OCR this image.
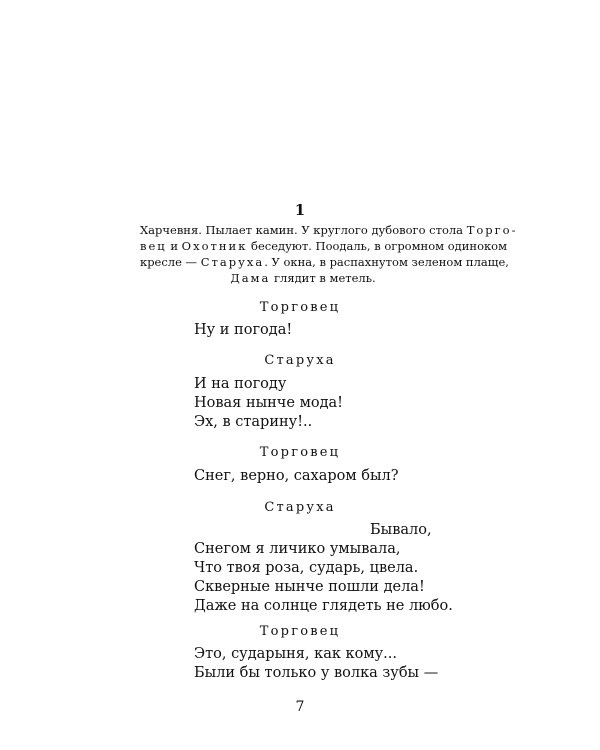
1
Харчевня. Пылает камин. У круглого дубового стола Торго-
вец и Охотник беседуют. Поодаль, в огромном одиноком
кресле — Старуха. У окна, в распахнутом зеленом плаще,
Дама глядит в метель.
Торговец
Ну и погода!
Старуха
И на погоду
Новая нынче мода!
Эх, в старину!..
Торговец
Снег, верно, сахаром был?
Старуха
Бывало,
Снегом я личико умывала,
Что твоя роза, сударь, цвела.
Скверные нынче пошли дела!
Даже на солнце глядеть не любо.
Торговец
Это, сударыня, как кому...
Были бы только у волка зубы —
7
